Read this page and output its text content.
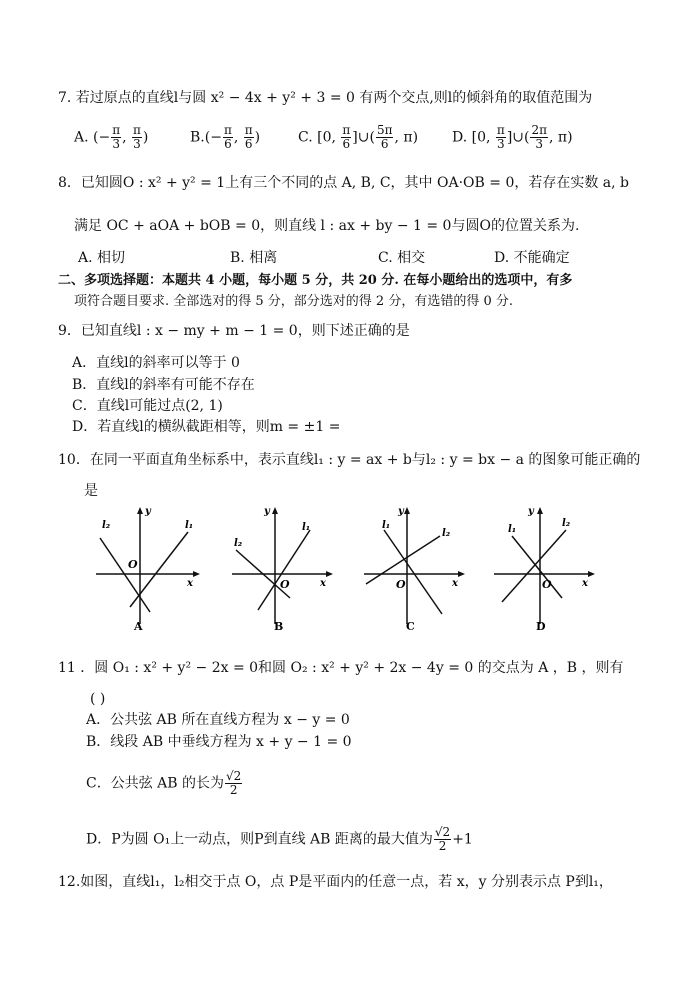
7. 若过原点的直线l与圆 x² − 4x + y² + 3 = 0 有两个交点,则l的倾斜角的取值范围为
A. (− $\frac{\pi}{3}$ , $\frac{\pi}{3}$ )	$B.(- \frac{\pi}{6}$ , $\frac{\pi}{6}$ )	C. [0, $\frac{\pi}{6}$ ]∪( $\frac{5\pi}{6}$ , π) D. [0, $\frac{\pi}{3}$ ]∪( $\frac{2\pi}{3}$ , π)
8．已知圆O : x² + y² = 1上有三个不同的点 A, B, C，其中 OA·OB = 0，若存在实数 a, b
满足 OC + aOA + bOB = 0，则直线 l : ax + by − 1 = 0与圆O的位置关系为.
A. 相切	B. 相离	C. 相交	D. 不能确定
二、多项选择题：本题共 4 小题，每小题 5 分，共 20 分. 在每小题给出的选项中，有多
项符合题目要求. 全部选对的得 5 分，部分选对的得 2 分，有选错的得 0 分.
9．已知直线l : x − my + m − 1 = 0，则下述正确的是
A．直线l的斜率可以等于 0
B．直线l的斜率有可能不存在
C．直线l可能过点(2, 1)
D．若直线l的横纵截距相等，则m = ±1 =
10．在同一平面直角坐标系中，表示直线l₁ : y = ax + b与l₂ : y = bx − a 的图象可能正确的
是
l₂	l₁
y
x
O
A
l₂
l₁
y
x
O
B
l₁
l₂
y
x
O
C
l₁
l₂
y
x
O
D
11 ．圆 O₁ : x² + y² − 2x = 0和圆 O₂ : x² + y² + 2x − 4y = 0 的交点为 A ，B ，则有
( )
A．公共弦 AB 所在直线方程为 x − y = 0
B．线段 AB 中垂线方程为 x + y − 1 = 0
C．公共弦 AB 的长为 $\frac{√2}{2}$
D．P为圆 O₁上一动点，则P到直线 AB 距离的最大值为 $\frac{√2}{2} +1$
12.如图，直线l₁，l₂相交于点 O，点 P是平面内的任意一点，若 x，y 分别表示点 P到l₁，
